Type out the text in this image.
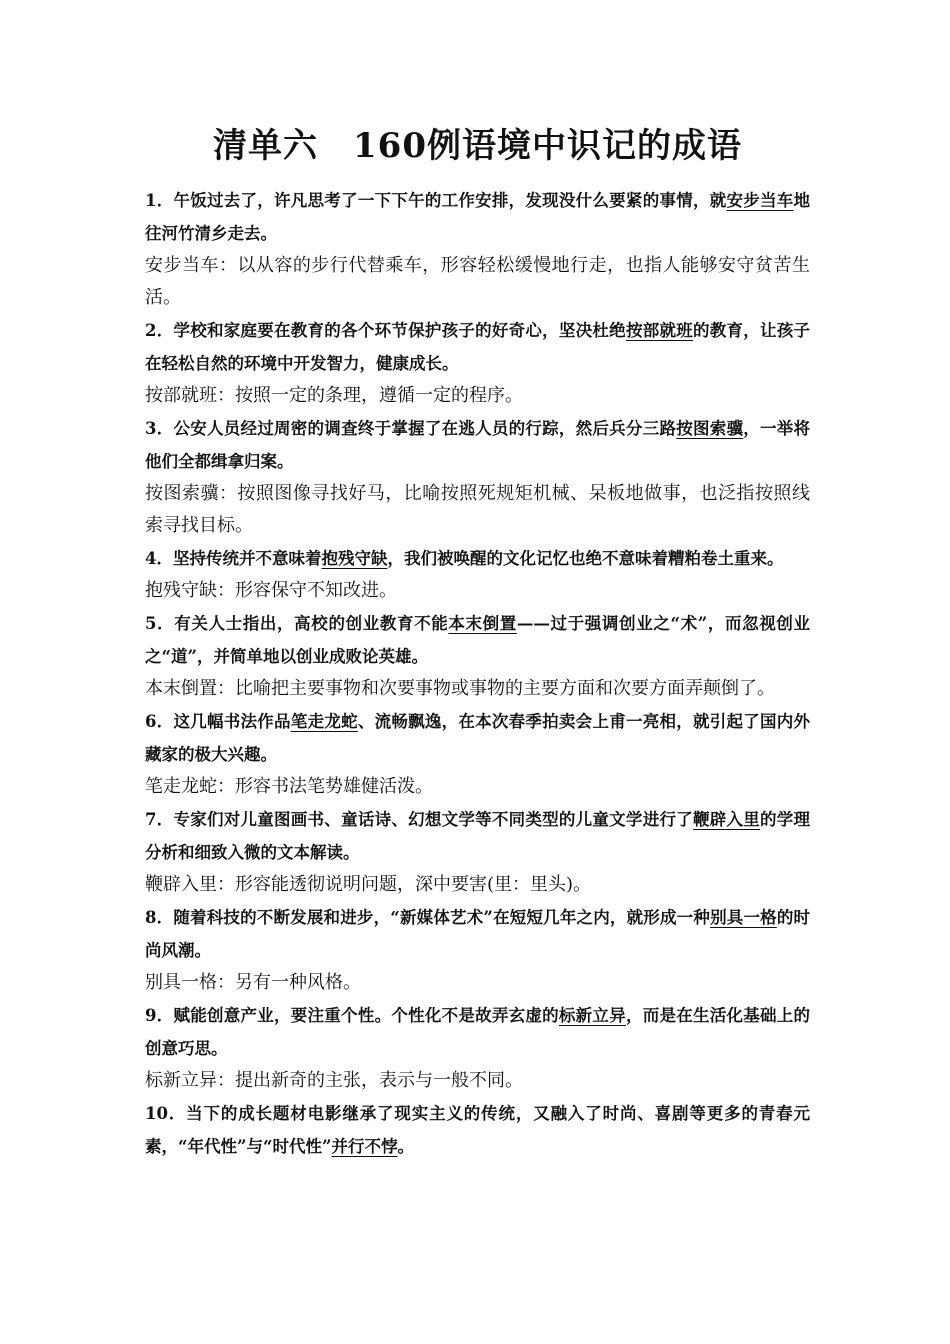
清单六　160例语境中识记的成语

1．午饭过去了，许凡思考了一下下午的工作安排，发现没什么要紧的事情，就安步当车地往河竹清乡走去。

安步当车：以从容的步行代替乘车，形容轻松缓慢地行走，也指人能够安守贫苦生活。

2．学校和家庭要在教育的各个环节保护孩子的好奇心，坚决杜绝按部就班的教育，让孩子在轻松自然的环境中开发智力，健康成长。

按部就班：按照一定的条理，遵循一定的程序。

3．公安人员经过周密的调查终于掌握了在逃人员的行踪，然后兵分三路按图索骥，一举将他们全都缉拿归案。

按图索骥：按照图像寻找好马，比喻按照死规矩机械、呆板地做事，也泛指按照线索寻找目标。

4．坚持传统并不意味着抱残守缺，我们被唤醒的文化记忆也绝不意味着糟粕卷土重来。

抱残守缺：形容保守不知改进。

5．有关人士指出，高校的创业教育不能本末倒置——过于强调创业之“术”，而忽视创业之“道”，并简单地以创业成败论英雄。

本末倒置：比喻把主要事物和次要事物或事物的主要方面和次要方面弄颠倒了。

6．这几幅书法作品笔走龙蛇、流畅飘逸，在本次春季拍卖会上甫一亮相，就引起了国内外藏家的极大兴趣。

笔走龙蛇：形容书法笔势雄健活泼。

7．专家们对儿童图画书、童话诗、幻想文学等不同类型的儿童文学进行了鞭辟入里的学理分析和细致入微的文本解读。

鞭辟入里：形容能透彻说明问题，深中要害(里：里头)。

8．随着科技的不断发展和进步，“新媒体艺术”在短短几年之内，就形成一种别具一格的时尚风潮。

别具一格：另有一种风格。

9．赋能创意产业，要注重个性。个性化不是故弄玄虚的标新立异，而是在生活化基础上的创意巧思。

标新立异：提出新奇的主张，表示与一般不同。

10．当下的成长题材电影继承了现实主义的传统，又融入了时尚、喜剧等更多的青春元素，“年代性”与“时代性”并行不悖。
